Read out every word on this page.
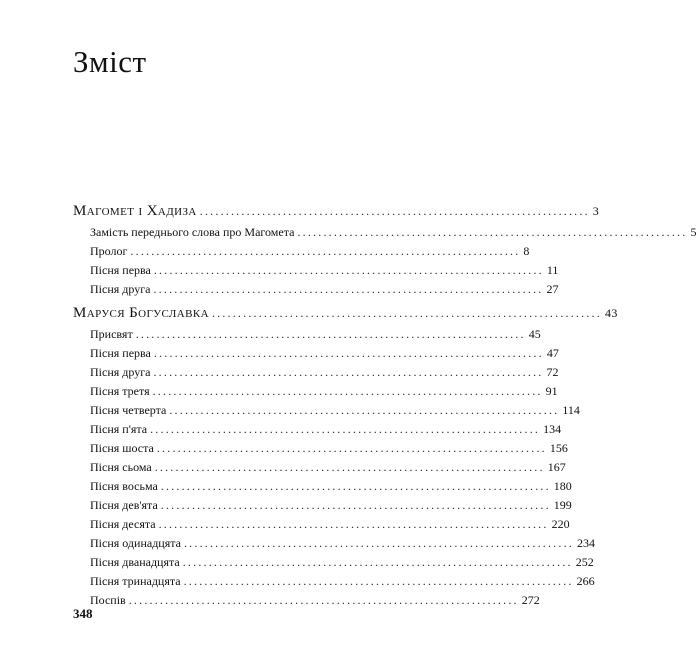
Зміст
Магомет і Хадиза ........................................................................... 3
Замість переднього слова про Магомета ........................................................................... 5
Пролог ........................................................................... 8
Пісня перва ........................................................................... 11
Пісня друга ........................................................................... 27
Маруся Богуславка ........................................................................... 43
Присвят ........................................................................... 45
Пісня перва ........................................................................... 47
Пісня друга ........................................................................... 72
Пісня третя ........................................................................... 91
Пісня четверта ........................................................................... 114
Пісня п'ята ........................................................................... 134
Пісня шоста ........................................................................... 156
Пісня сьома ........................................................................... 167
Пісня восьма ........................................................................... 180
Пісня дев'ята ........................................................................... 199
Пісня десята ........................................................................... 220
Пісня одинадцята ........................................................................... 234
Пісня дванадцята ........................................................................... 252
Пісня тринадцята ........................................................................... 266
Поспів ........................................................................... 272
348
